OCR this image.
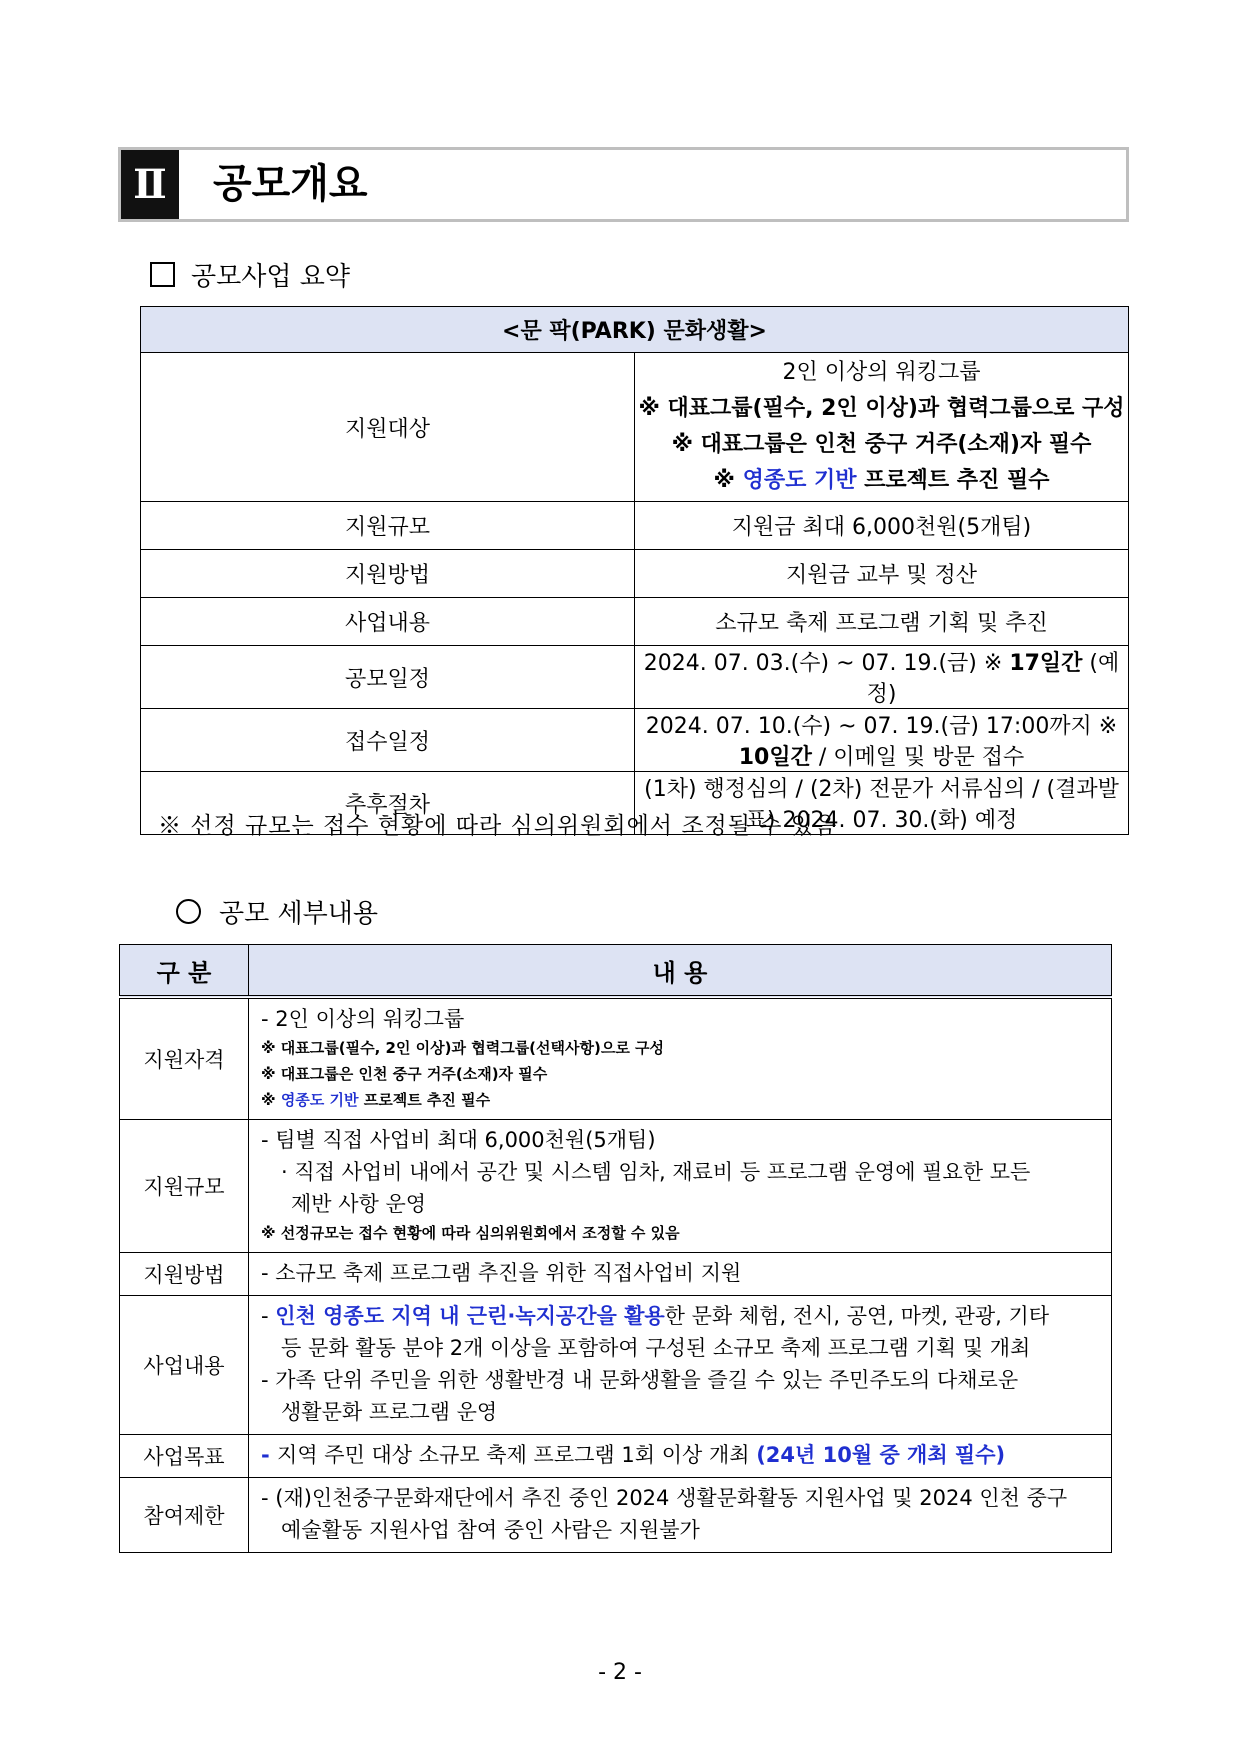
Ⅱ	공모개요
공모사업 요약
<문 팍(PARK) 문화생활>	
지원대상	2인 이상의 워킹그룹
※ 대표그룹(필수, 2인 이상)과 협력그룹으로 구성
※ 대표그룹은 인천 중구 거주(소재)자 필수
※ 영종도 기반 프로젝트 추진 필수

지원규모	지원금 최대 6,000천원(5개팀)
지원방법	지원금 교부 및 정산
사업내용	소규모 축제 프로그램 기획 및 추진
공모일정	2024. 07. 03.(수) ~ 07. 19.(금) ※ 17일간 (예정)
접수일정	2024. 07. 10.(수) ~ 07. 19.(금) 17:00까지 ※ 10일간 / 이메일 및 방문 접수
추후절차	(1차) 행정심의 / (2차) 전문가 서류심의 / (결과발표) 2024. 07. 30.(화) 예정
※ 선정 규모는 접수 현황에 따라 심의위원회에서 조정될 수 있음
공모 세부내용
구 분	내 용
지원자격	- 2인 이상의 워킹그룹
※ 대표그룹(필수, 2인 이상)과 협력그룹(선택사항)으로 구성
※ 대표그룹은 인천 중구 거주(소재)자 필수
※ 영종도 기반 프로젝트 추진 필수

지원규모	- 팀별 직접 사업비 최대 6,000천원(5개팀)
· 직접 사업비 내에서 공간 및 시스템 임차, 재료비 등 프로그램 운영에 필요한 모든
제반 사항 운영
※ 선정규모는 접수 현황에 따라 심의위원회에서 조정할 수 있음

지원방법	- 소규모 축제 프로그램 추진을 위한 직접사업비 지원

사업내용	- 인천 영종도 지역 내 근린·녹지공간을 활용한 문화 체험, 전시, 공연, 마켓, 관광, 기타
등 문화 활동 분야 2개 이상을 포함하여 구성된 소규모 축제 프로그램 기획 및 개최
- 가족 단위 주민을 위한 생활반경 내 문화생활을 즐길 수 있는 주민주도의 다채로운
생활문화 프로그램 운영

사업목표	- 지역 주민 대상 소규모 축제 프로그램 1회 이상 개최 (24년 10월 중 개최 필수)

참여제한	- (재)인천중구문화재단에서 추진 중인 2024 생활문화활동 지원사업 및 2024 인천 중구
예술활동 지원사업 참여 중인 사람은 지원불가
- 2 -
